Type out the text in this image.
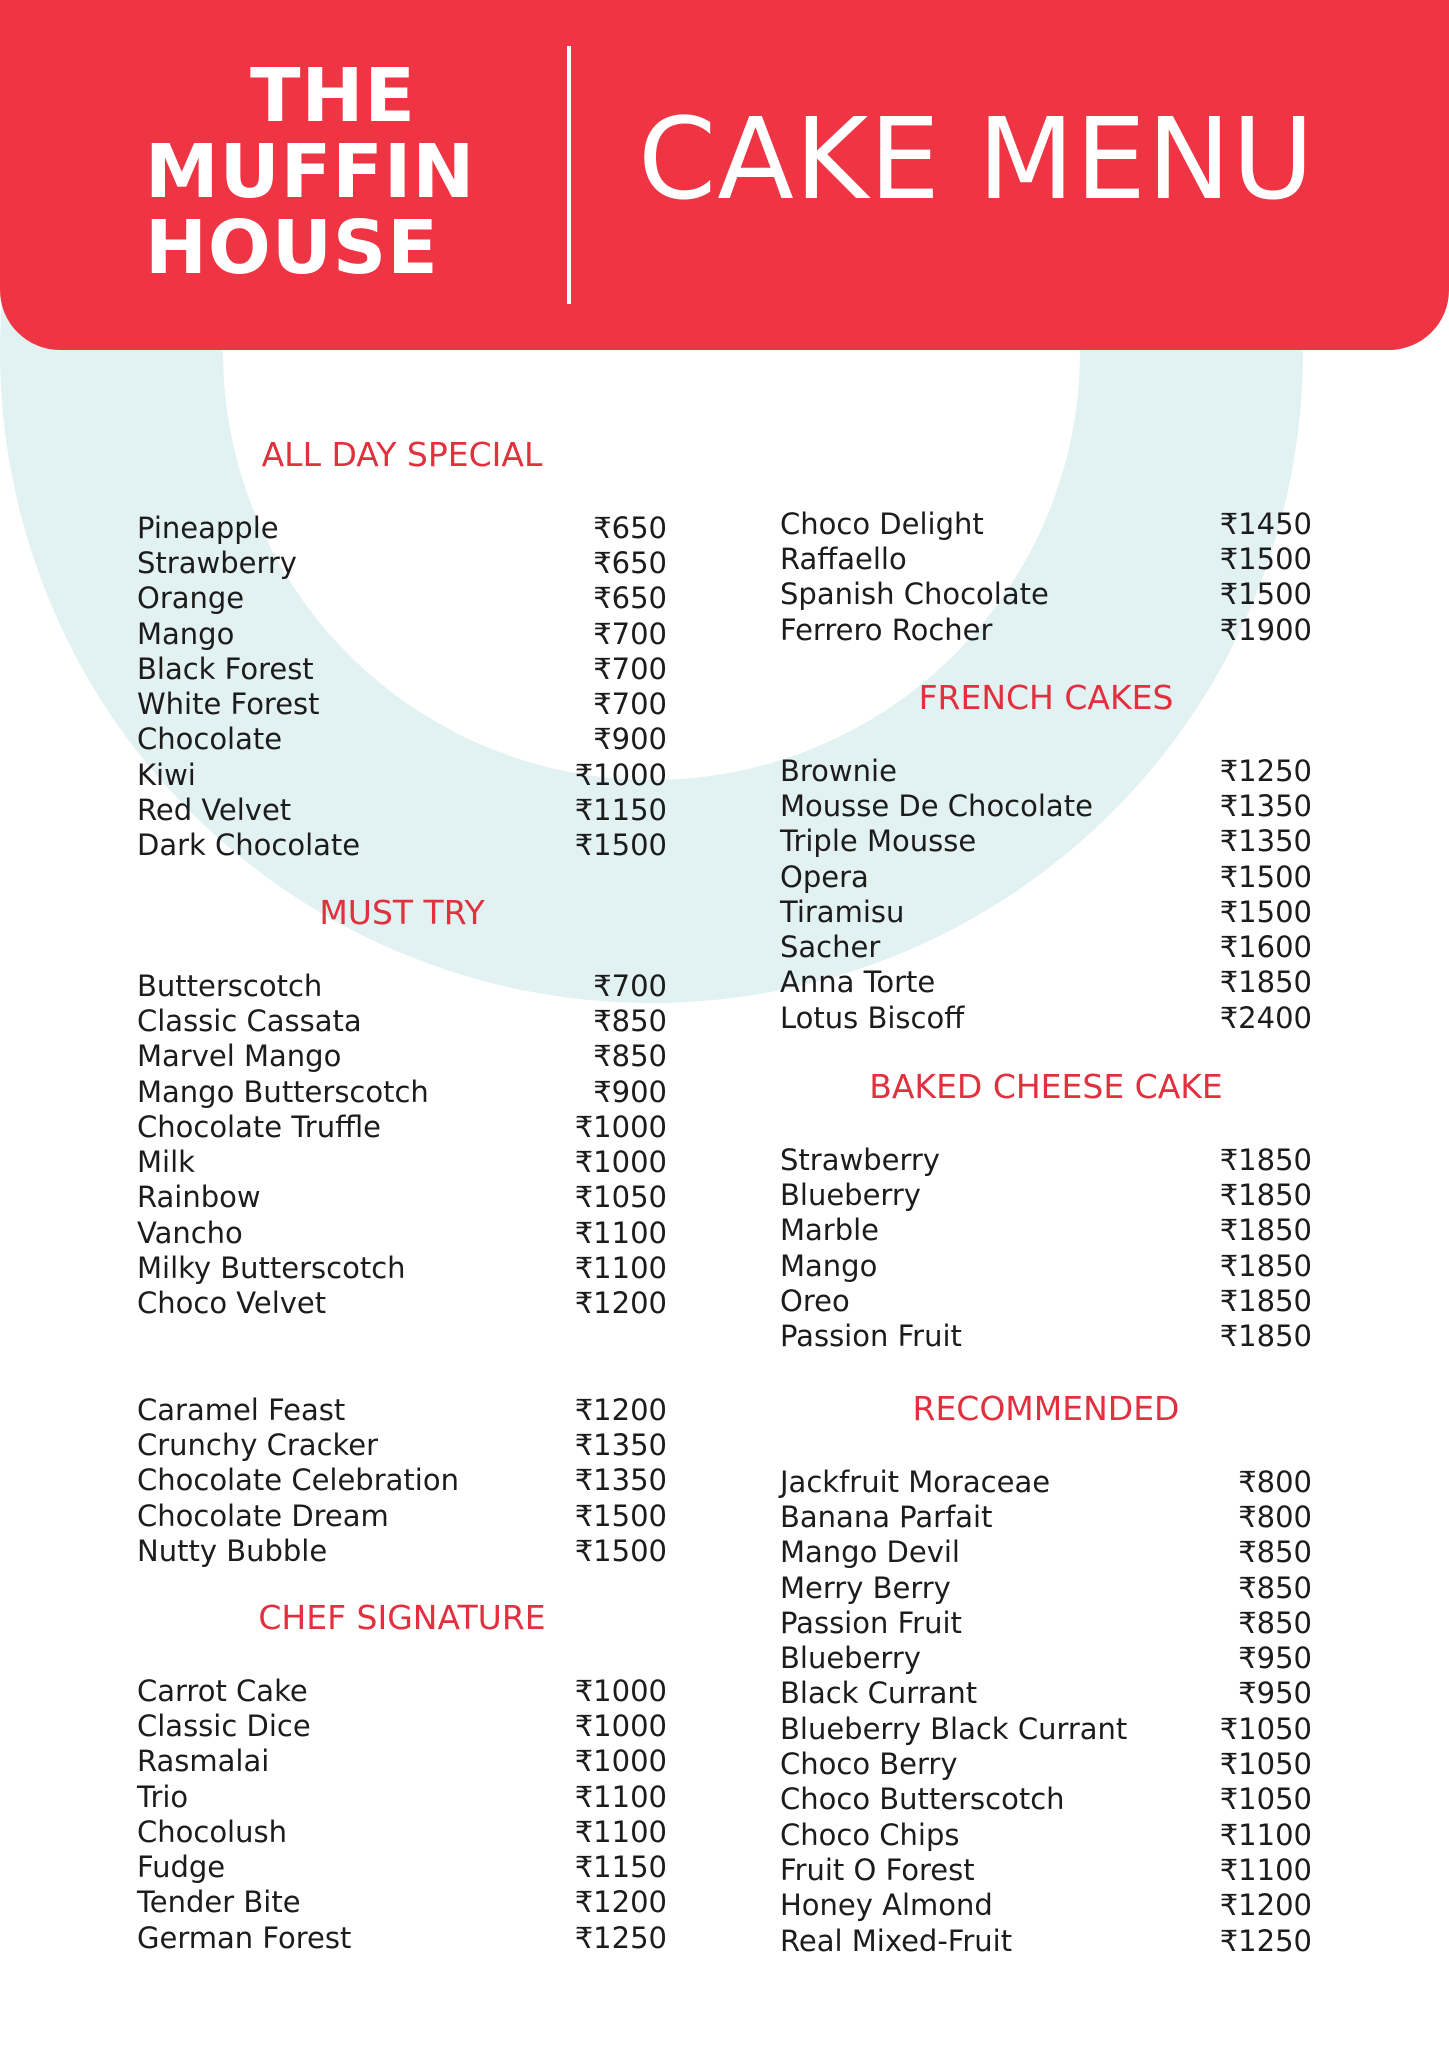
THE
MUFFIN
HOUSE
CAKE MENU
ALL DAY SPECIAL
Pineapple	₹650
Strawberry	₹650
Orange	₹650
Mango	₹700
Black Forest	₹700
White Forest	₹700
Chocolate	₹900
Kiwi	₹1000
Red Velvet	₹1150
Dark Chocolate	₹1500
MUST TRY
Butterscotch	₹700
Classic Cassata	₹850
Marvel Mango	₹850
Mango Butterscotch	₹900
Chocolate Truffle	₹1000
Milk	₹1000
Rainbow	₹1050
Vancho	₹1100
Milky Butterscotch	₹1100
Choco Velvet	₹1200
Caramel Feast	₹1200
Crunchy Cracker	₹1350
Chocolate Celebration	₹1350
Chocolate Dream	₹1500
Nutty Bubble	₹1500
CHEF SIGNATURE
Carrot Cake	₹1000
Classic Dice	₹1000
Rasmalai	₹1000
Trio	₹1100
Chocolush	₹1100
Fudge	₹1150
Tender Bite	₹1200
German Forest	₹1250
Choco Delight	₹1450
Raffaello	₹1500
Spanish Chocolate	₹1500
Ferrero Rocher	₹1900
FRENCH CAKES
Brownie	₹1250
Mousse De Chocolate	₹1350
Triple Mousse	₹1350
Opera	₹1500
Tiramisu	₹1500
Sacher	₹1600
Anna Torte	₹1850
Lotus Biscoff	₹2400
BAKED CHEESE CAKE
Strawberry	₹1850
Blueberry	₹1850
Marble	₹1850
Mango	₹1850
Oreo	₹1850
Passion Fruit	₹1850
RECOMMENDED
Jackfruit Moraceae	₹800
Banana Parfait	₹800
Mango Devil	₹850
Merry Berry	₹850
Passion Fruit	₹850
Blueberry	₹950
Black Currant	₹950
Blueberry Black Currant	₹1050
Choco Berry	₹1050
Choco Butterscotch	₹1050
Choco Chips	₹1100
Fruit O Forest	₹1100
Honey Almond	₹1200
Real Mixed-Fruit	₹1250
